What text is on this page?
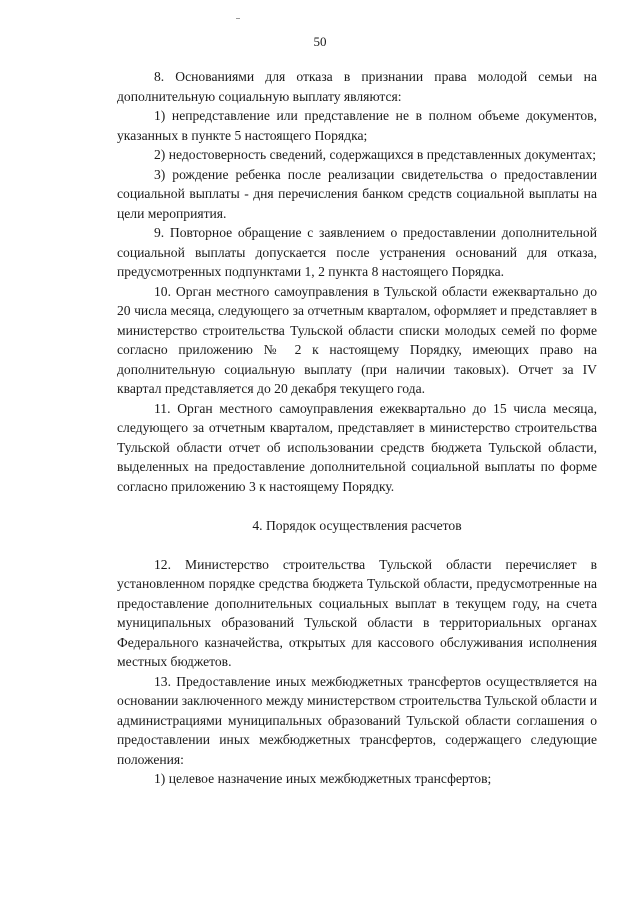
50

8. Основаниями для отказа в признании права молодой семьи на дополнительную социальную выплату являются:

1) непредставление или представление не в полном объеме документов, указанных в пункте 5 настоящего Порядка;

2) недостоверность сведений, содержащихся в представленных документах;

3) рождение ребенка после реализации свидетельства о предоставлении социальной выплаты - дня перечисления банком средств социальной выплаты на цели мероприятия.

9. Повторное обращение с заявлением о предоставлении дополнительной социальной выплаты допускается после устранения оснований для отказа, предусмотренных подпунктами 1, 2 пункта 8 настоящего Порядка.

10. Орган местного самоуправления в Тульской области ежеквартально до 20 числа месяца, следующего за отчетным кварталом, оформляет и представляет в министерство строительства Тульской области списки молодых семей по форме согласно приложению № 2 к настоящему Порядку, имеющих право на дополнительную социальную выплату (при наличии таковых). Отчет за IV квартал представляется до 20 декабря текущего года.

11. Орган местного самоуправления ежеквартально до 15 числа месяца, следующего за отчетным кварталом, представляет в министерство строительства Тульской области отчет об использовании средств бюджета Тульской области, выделенных на предоставление дополнительной социальной выплаты по форме согласно приложению 3 к настоящему Порядку.

4. Порядок осуществления расчетов

12. Министерство строительства Тульской области перечисляет в установленном порядке средства бюджета Тульской области, предусмотренные на предоставление дополнительных социальных выплат в текущем году, на счета муниципальных образований Тульской области в территориальных органах Федерального казначейства, открытых для кассового обслуживания исполнения местных бюджетов.

13. Предоставление иных межбюджетных трансфертов осуществляется на основании заключенного между министерством строительства Тульской области и администрациями муниципальных образований Тульской области соглашения о предоставлении иных межбюджетных трансфертов, содержащего следующие положения:

1) целевое назначение иных межбюджетных трансфертов;
